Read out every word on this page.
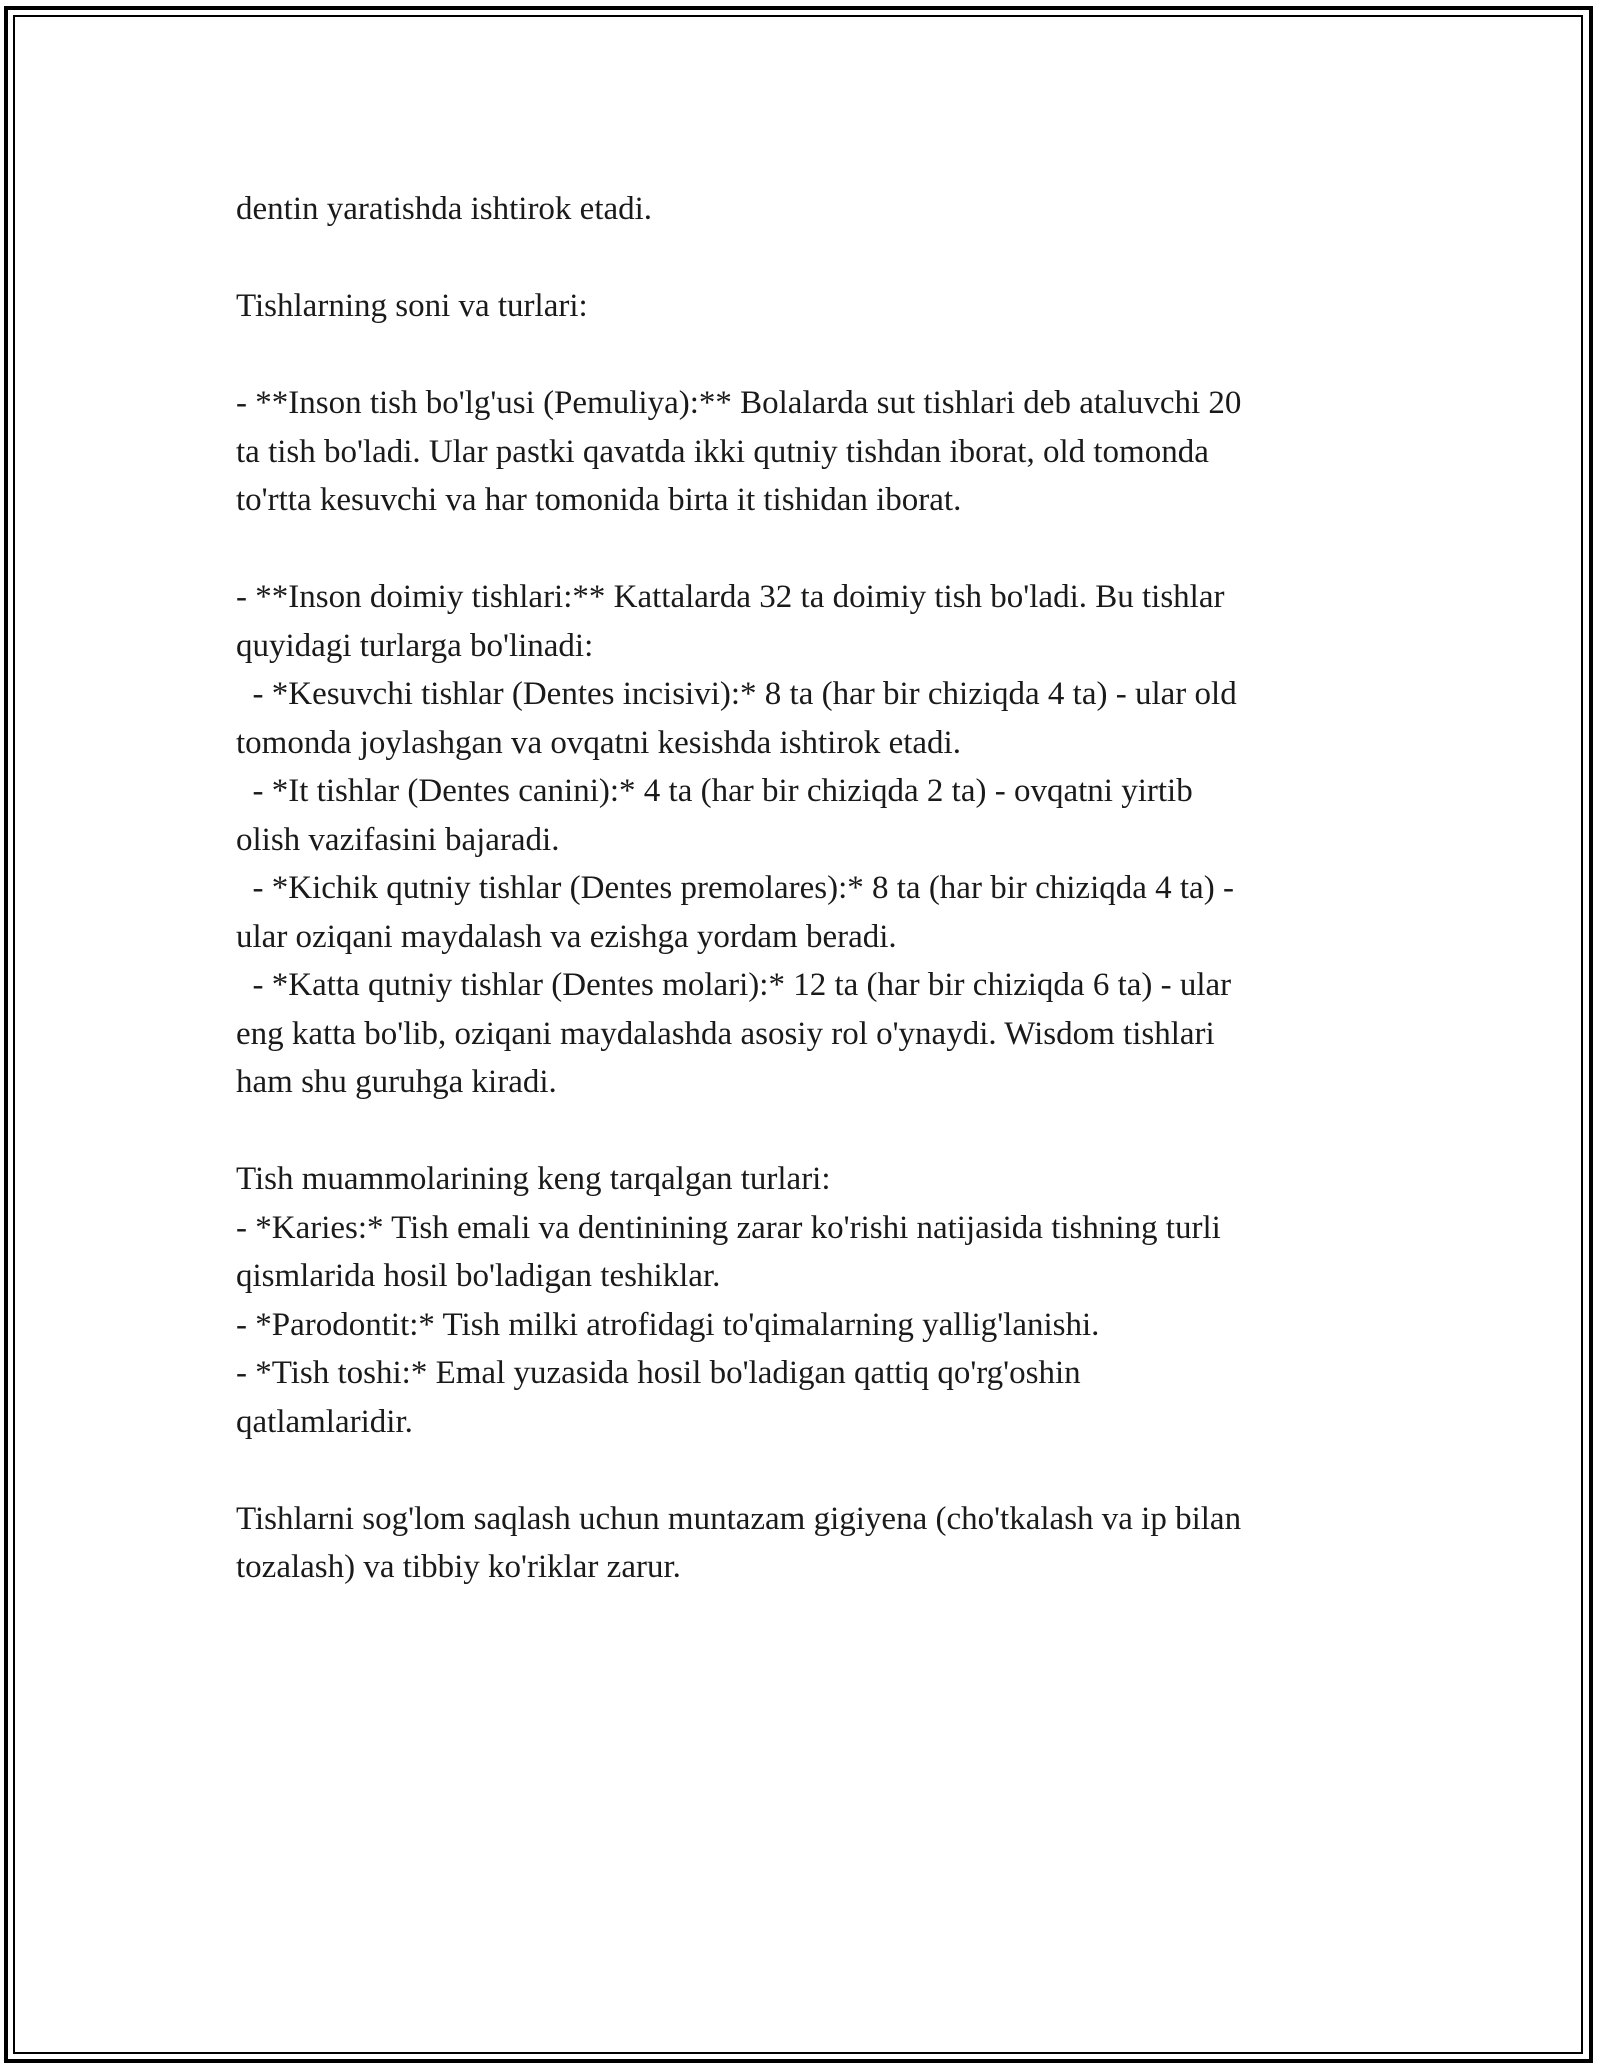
dentin yaratishda ishtirok etadi.
Tishlarning soni va turlari:
- **Inson tish bo'lg'usi (Pemuliya):** Bolalarda sut tishlari deb ataluvchi 20
ta tish bo'ladi. Ular pastki qavatda ikki qutniy tishdan iborat, old tomonda
to'rtta kesuvchi va har tomonida birta it tishidan iborat.
- **Inson doimiy tishlari:** Kattalarda 32 ta doimiy tish bo'ladi. Bu tishlar
quyidagi turlarga bo'linadi:
- *Kesuvchi tishlar (Dentes incisivi):* 8 ta (har bir chiziqda 4 ta) - ular old
tomonda joylashgan va ovqatni kesishda ishtirok etadi.
- *It tishlar (Dentes canini):* 4 ta (har bir chiziqda 2 ta) - ovqatni yirtib
olish vazifasini bajaradi.
- *Kichik qutniy tishlar (Dentes premolares):* 8 ta (har bir chiziqda 4 ta) -
ular oziqani maydalash va ezishga yordam beradi.
- *Katta qutniy tishlar (Dentes molari):* 12 ta (har bir chiziqda 6 ta) - ular
eng katta bo'lib, oziqani maydalashda asosiy rol o'ynaydi. Wisdom tishlari
ham shu guruhga kiradi.
Tish muammolarining keng tarqalgan turlari:
- *Karies:* Tish emali va dentinining zarar ko'rishi natijasida tishning turli
qismlarida hosil bo'ladigan teshiklar.
- *Parodontit:* Tish milki atrofidagi to'qimalarning yallig'lanishi.
- *Tish toshi:* Emal yuzasida hosil bo'ladigan qattiq qo'rg'oshin
qatlamlaridir.
Tishlarni sog'lom saqlash uchun muntazam gigiyena (cho'tkalash va ip bilan
tozalash) va tibbiy ko'riklar zarur.
